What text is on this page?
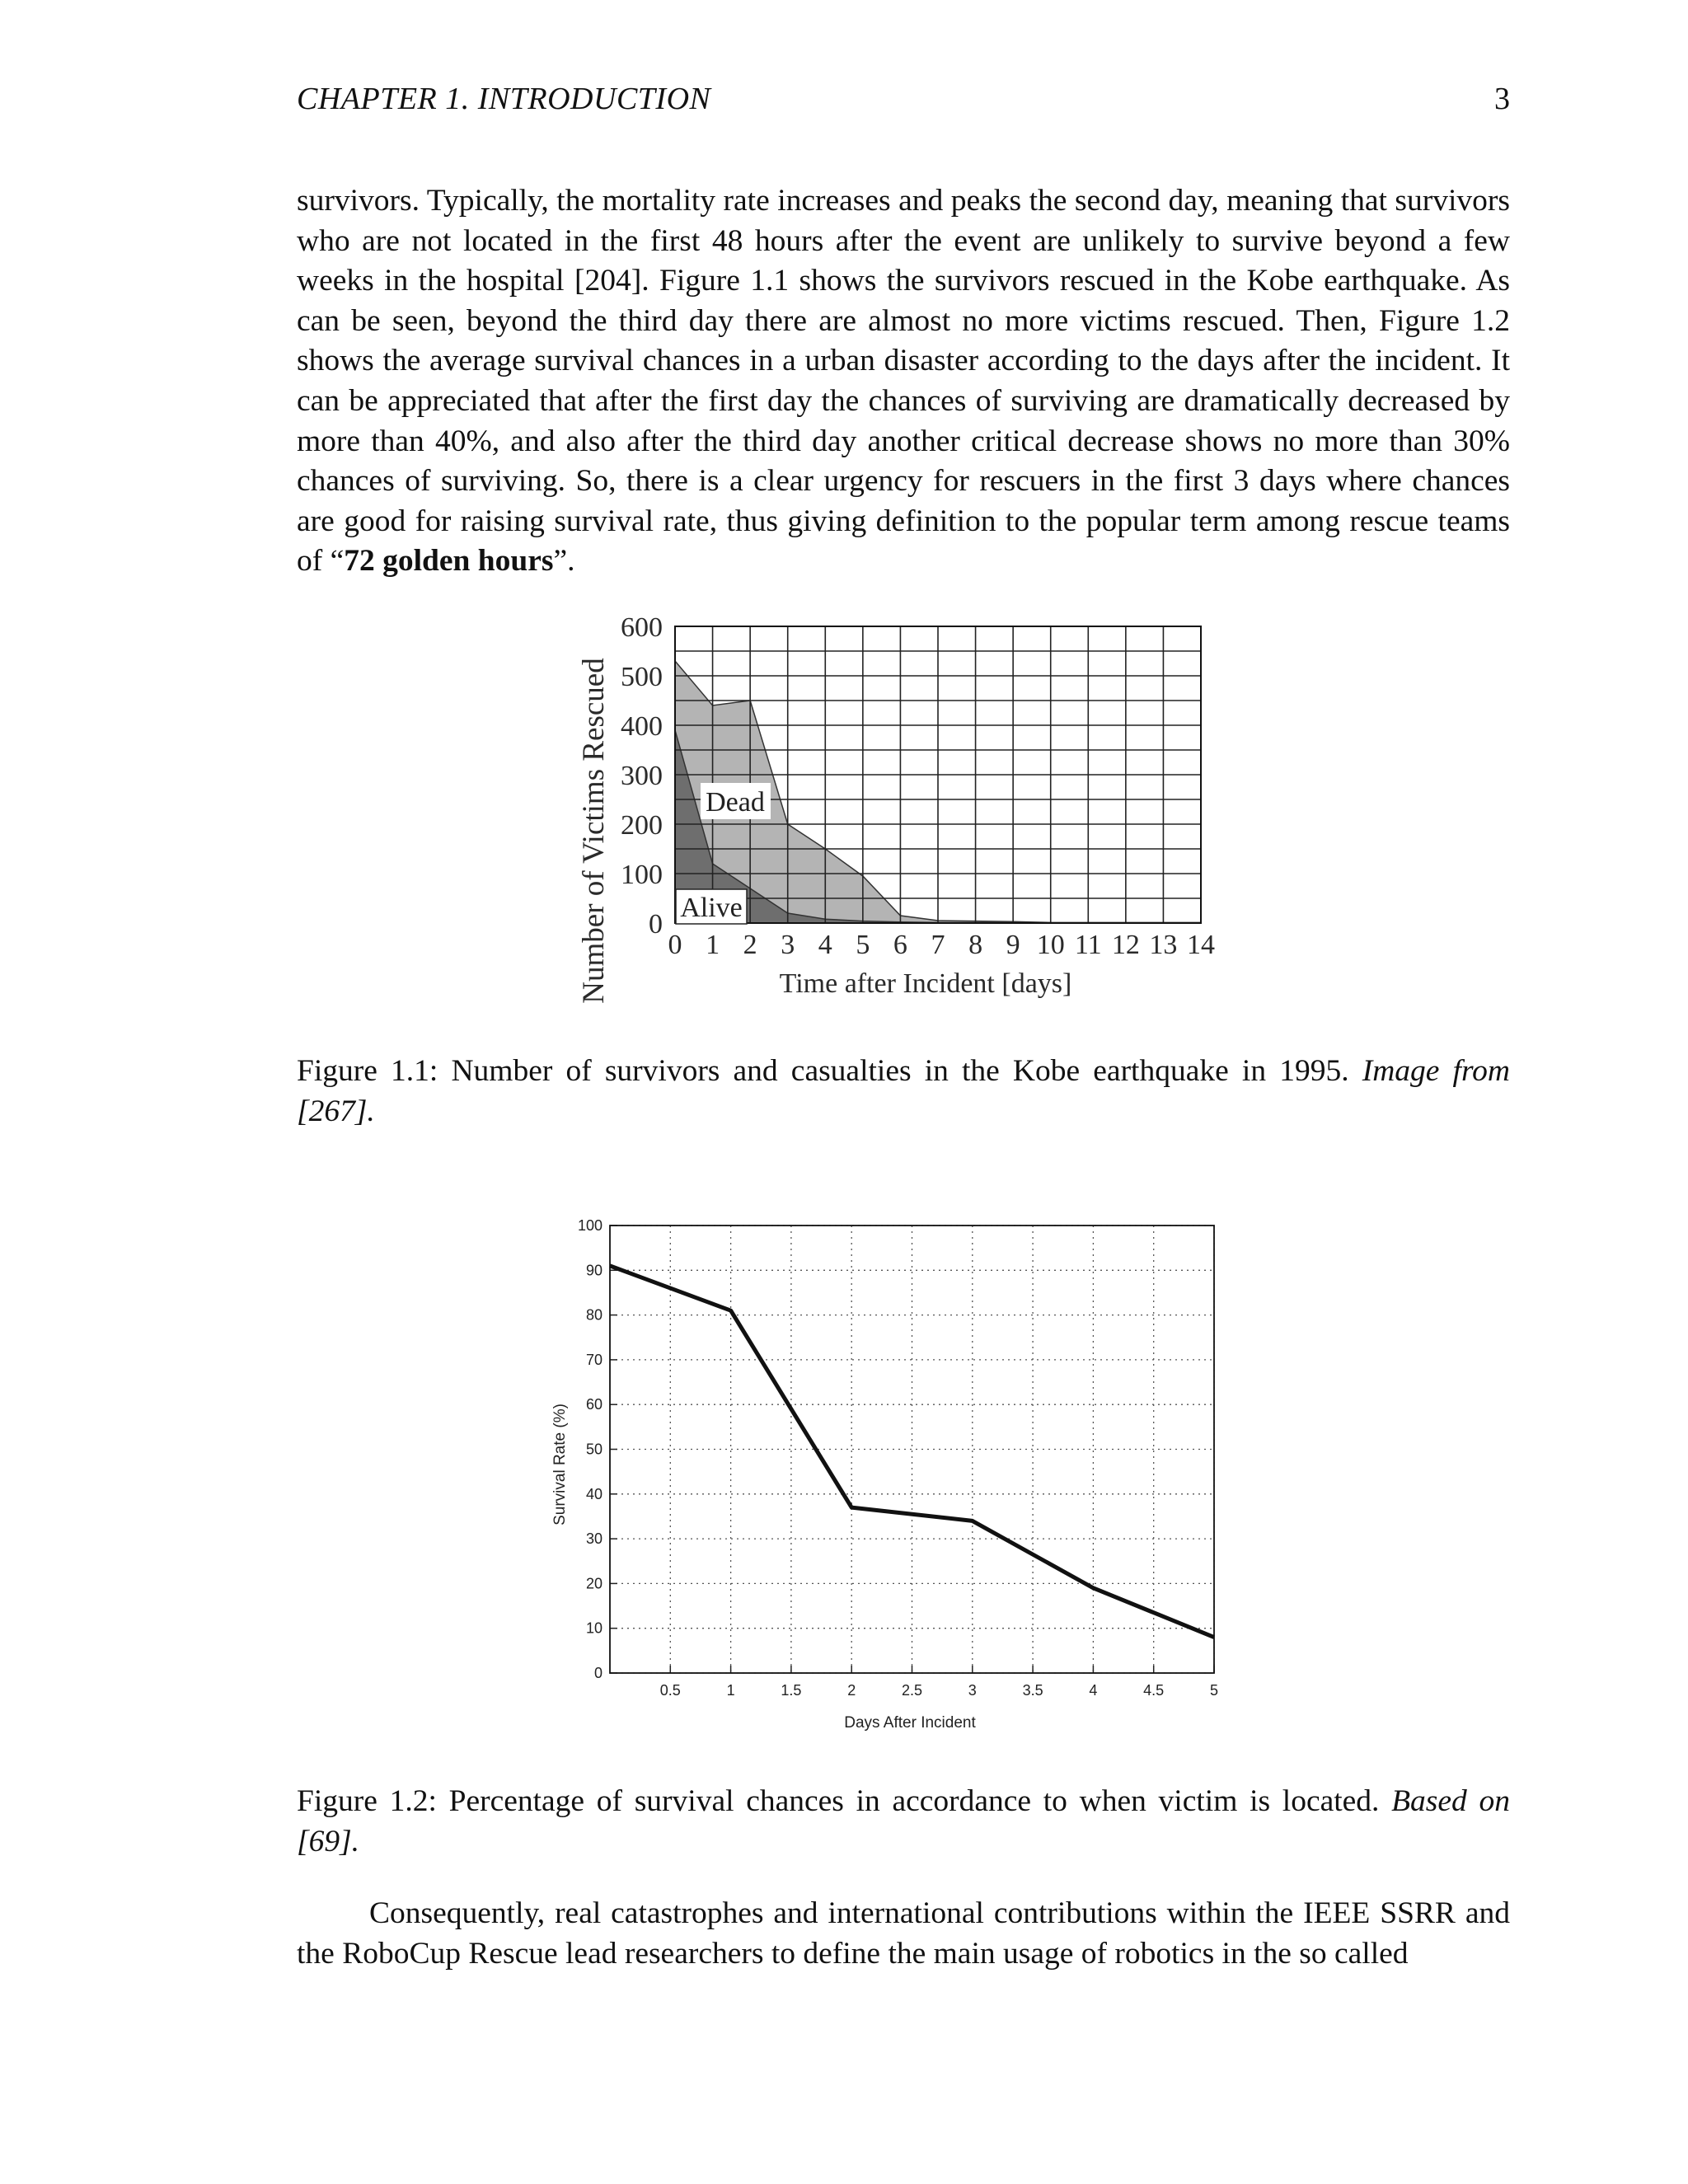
CHAPTER 1. INTRODUCTION	3

survivors. Typically, the mortality rate increases and peaks the second day, meaning that survivors who are not located in the first 48 hours after the event are unlikely to survive beyond a few weeks in the hospital [204]. Figure 1.1 shows the survivors rescued in the Kobe earthquake. As can be seen, beyond the third day there are almost no more victims rescued. Then, Figure 1.2 shows the average survival chances in a urban disaster according to the days after the incident. It can be appreciated that after the first day the chances of surviving are dramatically decreased by more than 40%, and also after the third day another critical decrease shows no more than 30% chances of surviving. So, there is a clear urgency for rescuers in the first 3 days where chances are good for raising survival rate, thus giving definition to the popular term among rescue teams of “72 golden hours”.

0 1 2 3 4 5 6 7 8 9 10 11 12 13 14
0
100
200
300
400
500
600
Number of Victims Rescued	Time after Incident [days]
Dead
Alive
Figure 1.1: Number of survivors and casualties in the Kobe earthquake in 1995. Image from [267].
0.5	1	1.5	2	2.5	3	3.5	4	4.5	5
0
10
20
30
40
50
60
70
80
90
100
Survival Rate (%)
Days After Incident
Figure 1.2: Percentage of survival chances in accordance to when victim is located. Based on [69].

Consequently, real catastrophes and international contributions within the IEEE SSRR and the RoboCup Rescue lead researchers to define the main usage of robotics in the so called
